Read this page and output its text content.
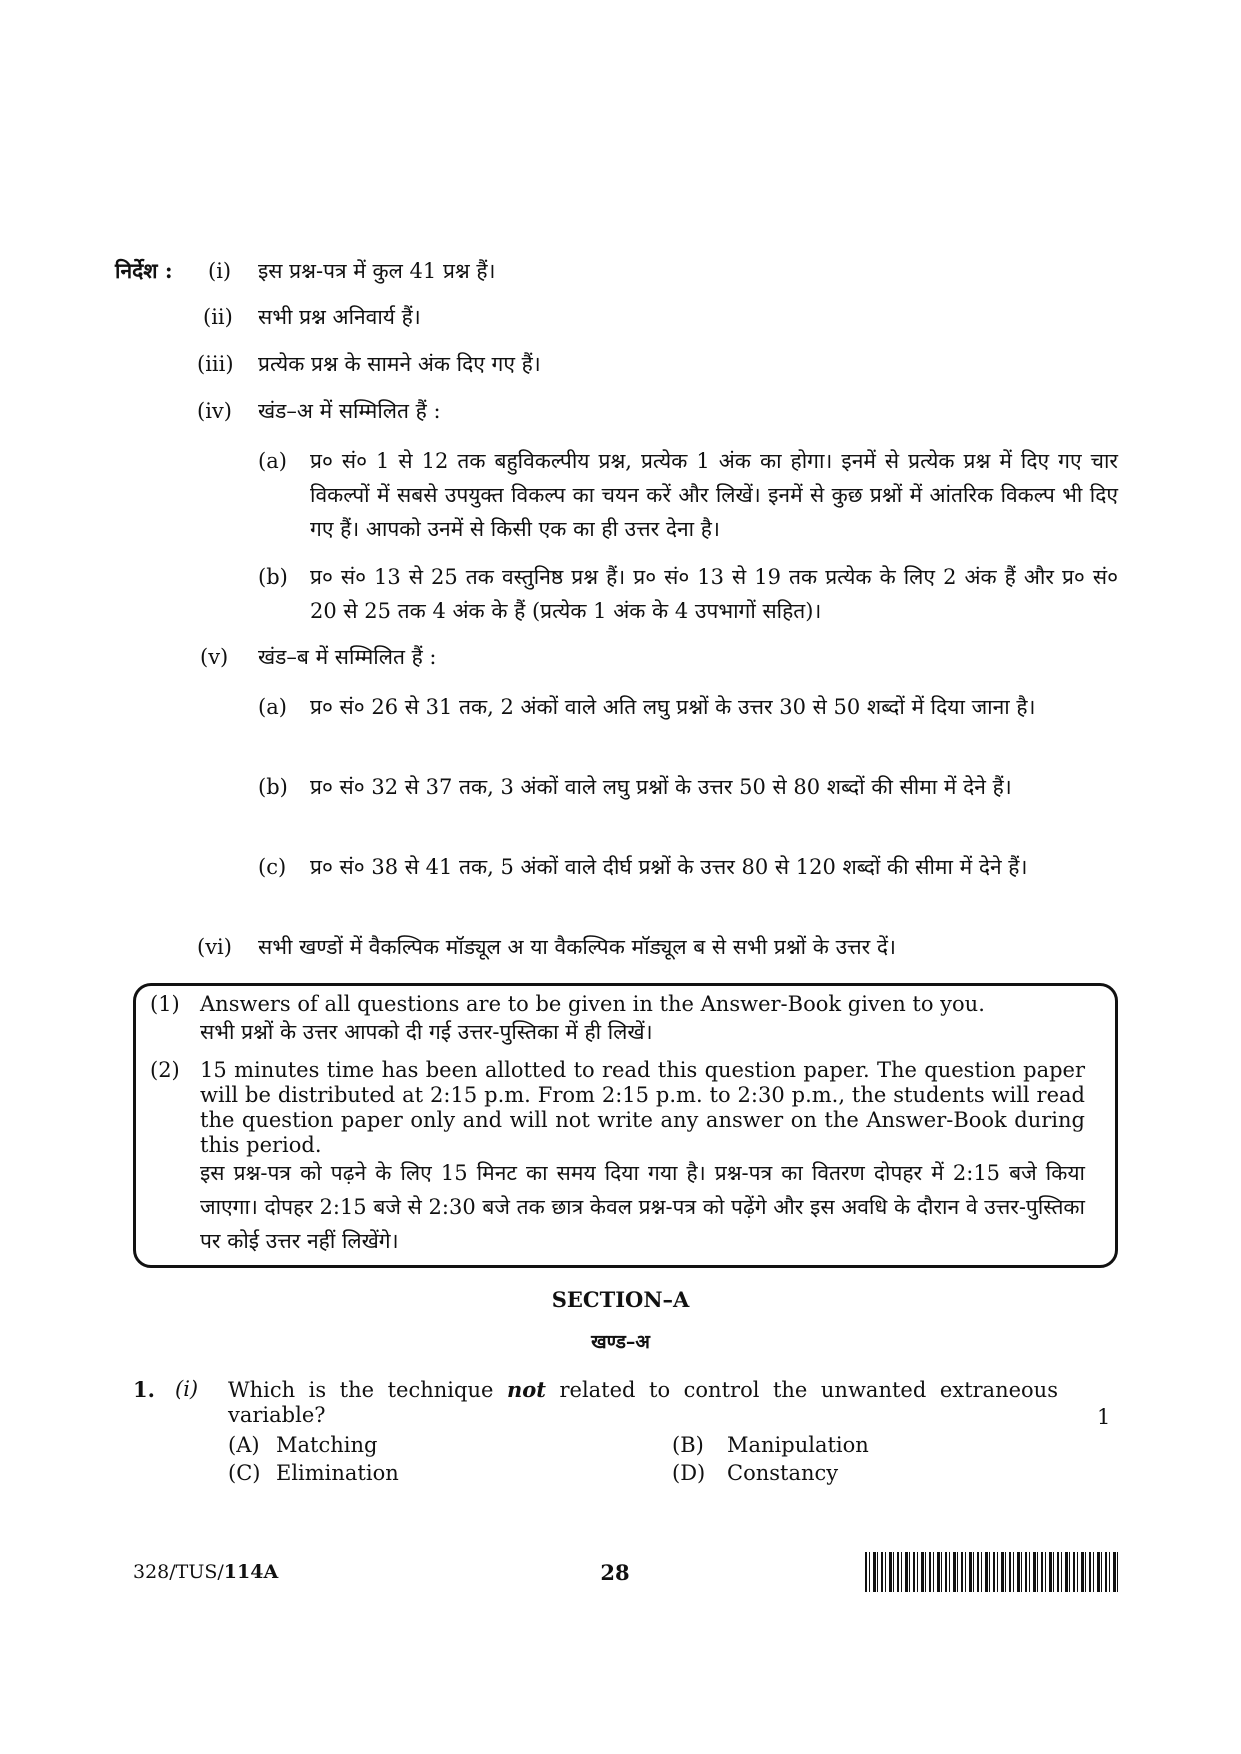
निर्देश : (i) इस प्रश्न-पत्र में कुल 41 प्रश्न हैं।
(ii) सभी प्रश्न अनिवार्य हैं।
(iii) प्रत्येक प्रश्न के सामने अंक दिए गए हैं।
(iv) खंड–अ में सम्मिलित हैं :
(a) प्र० सं० 1 से 12 तक बहुविकल्पीय प्रश्न, प्रत्येक 1 अंक का होगा। इनमें से प्रत्येक प्रश्न में दिए गए चार विकल्पों में सबसे उपयुक्त विकल्प का चयन करें और लिखें। इनमें से कुछ प्रश्नों में आंतरिक विकल्प भी दिए गए हैं। आपको उनमें से किसी एक का ही उत्तर देना है।
(b) प्र० सं० 13 से 25 तक वस्तुनिष्ठ प्रश्न हैं। प्र० सं० 13 से 19 तक प्रत्येक के लिए 2 अंक हैं और प्र० सं० 20 से 25 तक 4 अंक के हैं (प्रत्येक 1 अंक के 4 उपभागों सहित)।
(v) खंड–ब में सम्मिलित हैं :
(a) प्र० सं० 26 से 31 तक, 2 अंकों वाले अति लघु प्रश्नों के उत्तर 30 से 50 शब्दों में दिया जाना है।
(b) प्र० सं० 32 से 37 तक, 3 अंकों वाले लघु प्रश्नों के उत्तर 50 से 80 शब्दों की सीमा में देने हैं।
(c) प्र० सं० 38 से 41 तक, 5 अंकों वाले दीर्घ प्रश्नों के उत्तर 80 से 120 शब्दों की सीमा में देने हैं।
(vi) सभी खण्डों में वैकल्पिक मॉड्यूल अ या वैकल्पिक मॉड्यूल ब से सभी प्रश्नों के उत्तर दें।
(1) Answers of all questions are to be given in the Answer-Book given to you.
सभी प्रश्नों के उत्तर आपको दी गई उत्तर-पुस्तिका में ही लिखें।
(2) 15 minutes time has been allotted to read this question paper. The question paper will be distributed at 2:15 p.m. From 2:15 p.m. to 2:30 p.m., the students will read the question paper only and will not write any answer on the Answer-Book during this period.
इस प्रश्न-पत्र को पढ़ने के लिए 15 मिनट का समय दिया गया है। प्रश्न-पत्र का वितरण दोपहर में 2:15 बजे किया जाएगा। दोपहर 2:15 बजे से 2:30 बजे तक छात्र केवल प्रश्न-पत्र को पढ़ेंगे और इस अवधि के दौरान वे उत्तर-पुस्तिका पर कोई उत्तर नहीं लिखेंगे।
SECTION–A
खण्ड–अ
1. (i) Which is the technique not related to control the unwanted extraneous variable?	1
(A) Matching	(B) Manipulation
(C) Elimination	(D) Constancy
328/TUS/114A	28
